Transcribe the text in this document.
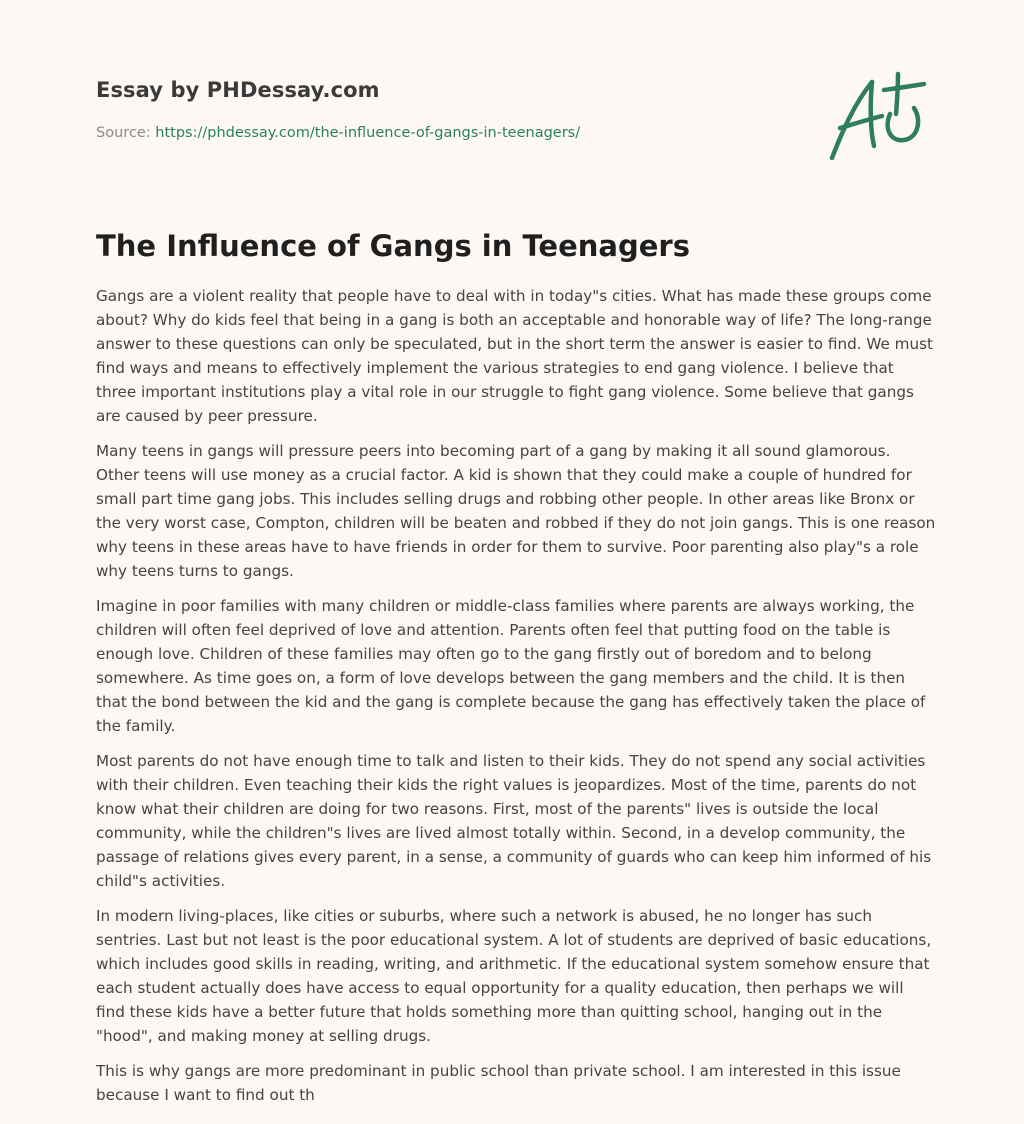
Essay by PHDessay.com
Source: https://phdessay.com/the-influence-of-gangs-in-teenagers/
The Influence of Gangs in Teenagers

Gangs are a violent reality that people have to deal with in today"s cities. What has made these groups come about? Why do kids feel that being in a gang is both an acceptable and honorable way of life? The long-range answer to these questions can only be speculated, but in the short term the answer is easier to find. We must find ways and means to effectively implement the various strategies to end gang violence. I believe that three important institutions play a vital role in our struggle to fight gang violence. Some believe that gangs are caused by peer pressure.

Many teens in gangs will pressure peers into becoming part of a gang by making it all sound glamorous. Other teens will use money as a crucial factor. A kid is shown that they could make a couple of hundred for small part time gang jobs. This includes selling drugs and robbing other people. In other areas like Bronx or the very worst case, Compton, children will be beaten and robbed if they do not join gangs. This is one reason why teens in these areas have to have friends in order for them to survive. Poor parenting also play"s a role why teens turns to gangs.

Imagine in poor families with many children or middle-class families where parents are always working, the children will often feel deprived of love and attention. Parents often feel that putting food on the table is enough love. Children of these families may often go to the gang firstly out of boredom and to belong somewhere. As time goes on, a form of love develops between the gang members and the child. It is then that the bond between the kid and the gang is complete because the gang has effectively taken the place of the family.

Most parents do not have enough time to talk and listen to their kids. They do not spend any social activities with their children. Even teaching their kids the right values is jeopardizes. Most of the time, parents do not know what their children are doing for two reasons. First, most of the parents" lives is outside the local community, while the children"s lives are lived almost totally within. Second, in a develop community, the passage of relations gives every parent, in a sense, a community of guards who can keep him informed of his child"s activities.

In modern living-places, like cities or suburbs, where such a network is abused, he no longer has such sentries. Last but not least is the poor educational system. A lot of students are deprived of basic educations, which includes good skills in reading, writing, and arithmetic. If the educational system somehow ensure that each student actually does have access to equal opportunity for a quality education, then perhaps we will find these kids have a better future that holds something more than quitting school, hanging out in the "hood", and making money at selling drugs.

This is why gangs are more predominant in public school than private school. I am interested in this issue because I want to find out th
